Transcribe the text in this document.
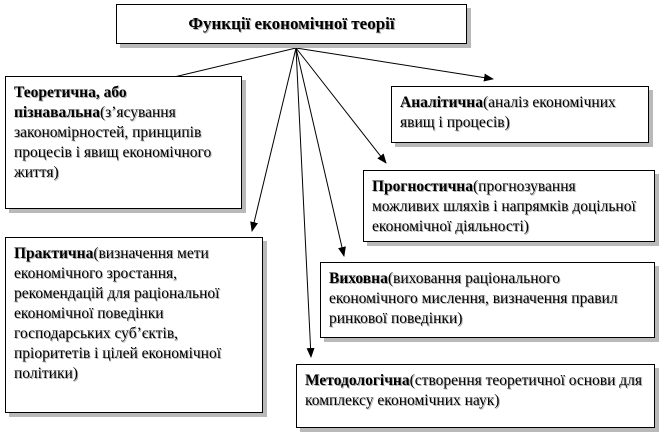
Функції економічної теорії
Теоретична, або пізнавальна(з’ясування закономірностей, принципів процесів і явищ економічного життя)
Аналітична(аналіз економічних явищ і процесів)
Прогностична(прогнозування можливих шляхів і напрямків доцільної економічної діяльності)
Практична(визначення мети економічного зростання, рекомендацій для раціональної економічної поведінки господарських суб’єктів, пріоритетів і цілей економічної політики)
Виховна(виховання раціонального економічного мислення, визначення правил ринкової поведінки)
Методологічна(створення теоретичної основи для комплексу економічних наук)
